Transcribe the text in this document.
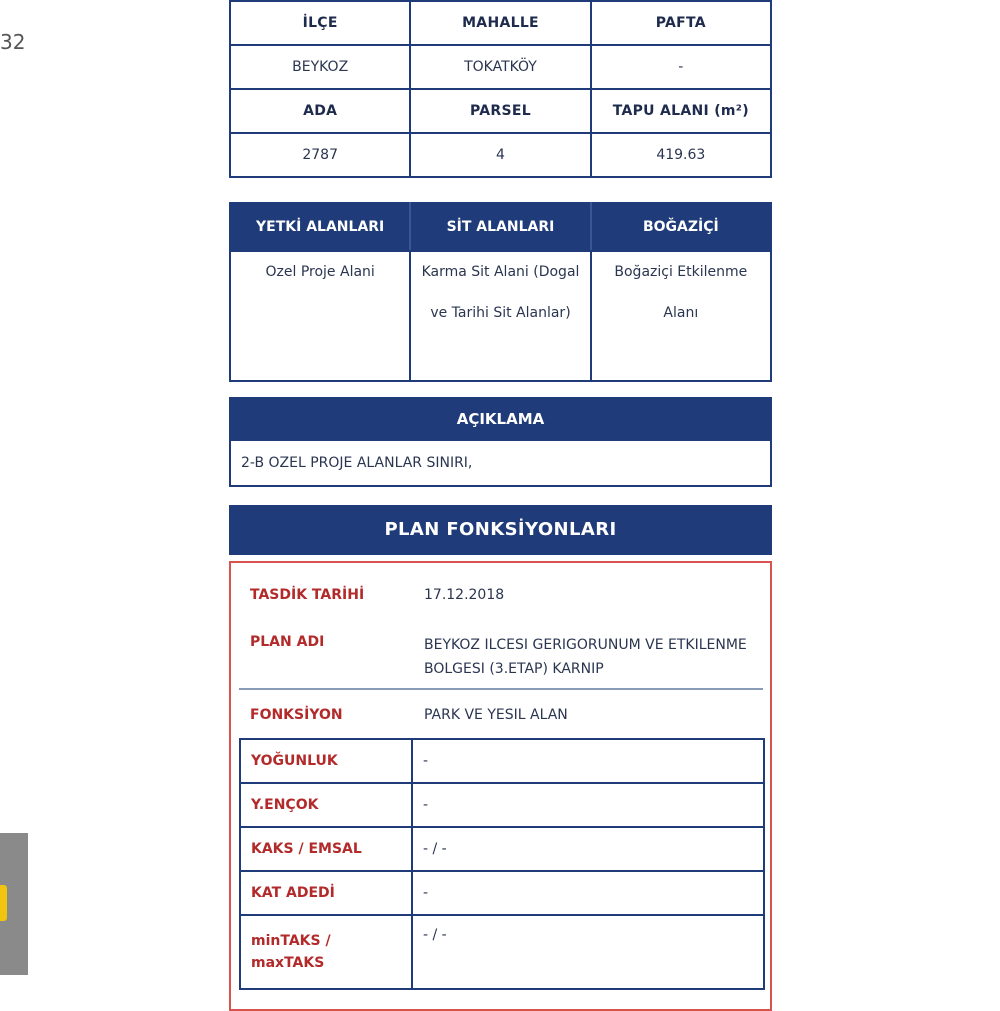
32
İLÇE	MAHALLE	PAFTA
BEYKOZ	TOKATKÖY	-
ADA	PARSEL	TAPU ALANI (m²)
2787	4	419.63
YETKİ ALANLARI	SİT ALANLARI	BOĞAZİÇİ
Ozel Proje Alani	Karma Sit Alani (Dogal ve Tarihi Sit Alanlar)	Boğaziçi Etkilenme Alanı
AÇIKLAMA
2-B OZEL PROJE ALANLAR SINIRI,
PLAN FONKSİYONLARI
TASDİK TARİHİ	17.12.2018
PLAN ADI	BEYKOZ ILCESI GERIGORUNUM VE ETKILENME BOLGESI (3.ETAP) KARNIP
FONKSİYON	PARK VE YESIL ALAN
YOĞUNLUK	-
Y.ENÇOK	-
KAKS / EMSAL	- / -
KAT ADEDİ	-
minTAKS / maxTAKS	- / -
